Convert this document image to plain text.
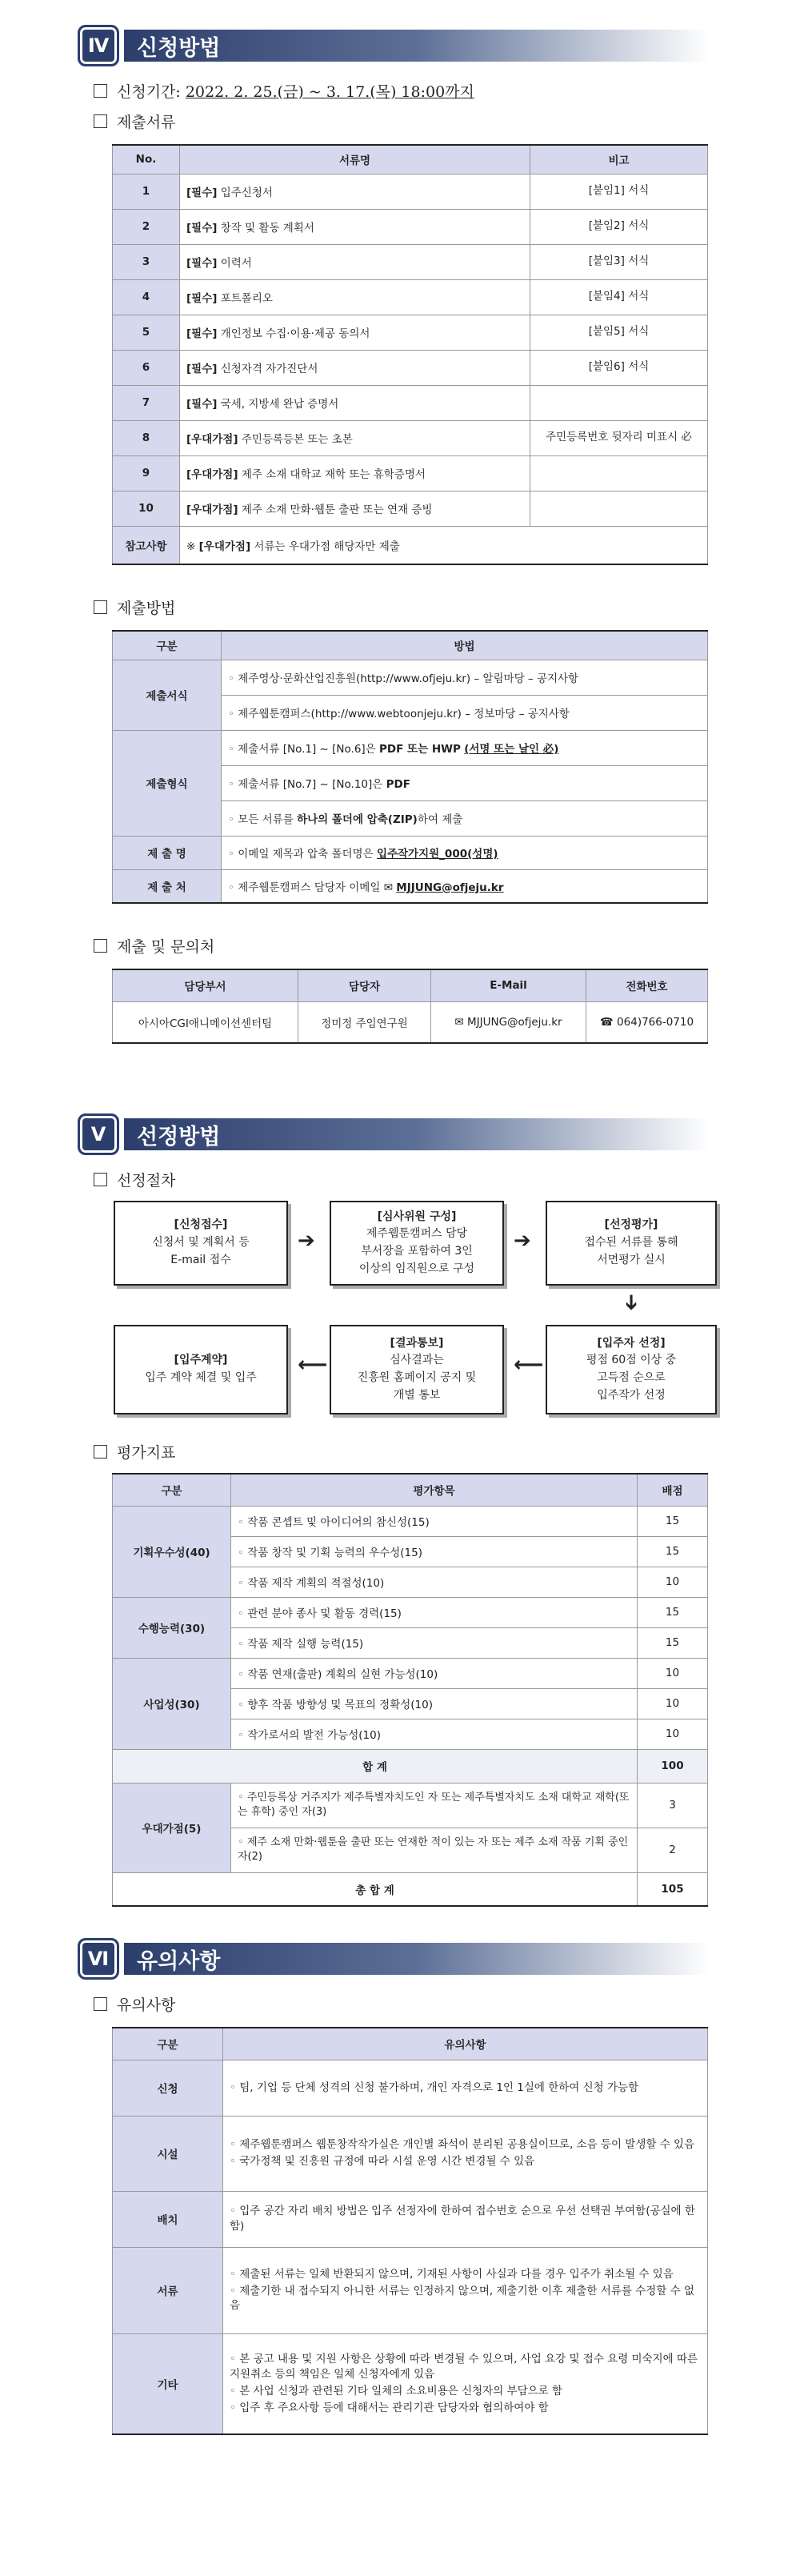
Ⅳ	신청방법
신청기간: 2022. 2. 25.(금) ~ 3. 17.(목) 18:00까지
제출서류
No.	서류명	비고
1	[필수] 입주신청서	[붙임1] 서식
2	[필수] 창작 및 활동 계획서	[붙임2] 서식
3	[필수] 이력서	[붙임3] 서식
4	[필수] 포트폴리오	[붙임4] 서식
5	[필수] 개인정보 수집·이용·제공 동의서	[붙임5] 서식
6	[필수] 신청자격 자가진단서	[붙임6] 서식
7	[필수] 국세, 지방세 완납 증명서	
8	[우대가점] 주민등록등본 또는 초본	주민등록번호 뒷자리 미표시 必
9	[우대가점] 제주 소재 대학교 재학 또는 휴학증명서	
10	[우대가점] 제주 소재 만화·웹툰 출판 또는 연재 증빙	
참고사항	※ [우대가점] 서류는 우대가점 해당자만 제출	
제출방법
구분	방법
제출서식	◦ 제주영상·문화산업진흥원(http://www.ofjeju.kr) – 알림마당 – 공지사항
	◦ 제주웹툰캠퍼스(http://www.webtoonjeju.kr) – 정보마당 – 공지사항
제출형식	◦ 제출서류 [No.1] ~ [No.6]은 PDF 또는 HWP (서명 또는 날인 必)
	◦ 제출서류 [No.7] ~ [No.10]은 PDF
	◦ 모든 서류를 하나의 폴더에 압축(ZIP)하여 제출
제 출 명	◦ 이메일 제목과 압축 폴더명은 입주작가지원_000(성명)
제 출 처	◦ 제주웹툰캠퍼스 담당자 이메일 ✉ MJJUNG@ofjeju.kr
제출 및 문의처
담당부서	담당자	E-Mail	전화번호
아시아CGI애니메이션센터팀	정미정 주임연구원	✉ MJJUNG@ofjeju.kr	☎ 064)766-0710
Ⅴ	선정방법
선정절차
[신청접수]
신청서 및 계획서 등
E-mail 접수
➔
[심사위원 구성]
제주웹툰캠퍼스 담당
부서장을 포함하여 3인
이상의 임직원으로 구성
➔
[선정평가]
접수된 서류를 통해
서면평가 실시
➔
[입주자 선정]
평점 60점 이상 중
고득점 순으로
입주작가 선정
⟵
[결과통보]
심사결과는
진흥원 홈페이지 공지 및
개별 통보
⟵
[입주계약]
입주 계약 체결 및 입주
평가지표
구분	평가항목	배점
기획우수성(40)	◦ 작품 콘셉트 및 아이디어의 참신성(15)	15
	◦ 작품 창작 및 기획 능력의 우수성(15)	15
	◦ 작품 제작 계획의 적절성(10)	10
수행능력(30)	◦ 관련 분야 종사 및 활동 경력(15)	15
	◦ 작품 제작 실행 능력(15)	15
사업성(30)	◦ 작품 연재(출판) 계획의 실현 가능성(10)	10
	◦ 향후 작품 방향성 및 목표의 정확성(10)	10
	◦ 작가로서의 발전 가능성(10)	10
합 계		100
우대가점(5)	◦ 주민등록상 거주지가 제주특별자치도인 자 또는 제주특별자치도 소재 대학교 재학(또는 휴학) 중인 자(3)	3
	◦ 제주 소재 만화·웹툰을 출판 또는 연재한 적이 있는 자 또는 제주 소재 작품 기획 중인 자(2)	2
총 합 계		105
Ⅵ	유의사항
유의사항
구분	유의사항
신청	◦ 팀, 기업 등 단체 성격의 신청 불가하며, 개인 자격으로 1인 1실에 한하여 신청 가능함

시설	◦ 제주웹툰캠퍼스 웹툰창작작가실은 개인별 좌석이 분리된 공용실이므로, 소음 등이 발생할 수 있음
◦ 국가정책 및 진흥원 규정에 따라 시설 운영 시간 변경될 수 있음

배치	◦ 입주 공간 자리 배치 방법은 입주 선정자에 한하여 접수번호 순으로 우선 선택권 부여함(공실에 한함)

서류	◦ 제출된 서류는 일체 반환되지 않으며, 기재된 사항이 사실과 다를 경우 입주가 취소될 수 있음
◦ 제출기한 내 접수되지 아니한 서류는 인정하지 않으며, 제출기한 이후 제출한 서류를 수정할 수 없음

기타	◦ 본 공고 내용 및 지원 사항은 상황에 따라 변경될 수 있으며, 사업 요강 및 접수 요령 미숙지에 따른 지원취소 등의 책임은 일체 신청자에게 있음
◦ 본 사업 신청과 관련된 기타 일체의 소요비용은 신청자의 부담으로 함
◦ 입주 후 주요사항 등에 대해서는 관리기관 담당자와 협의하여야 함
